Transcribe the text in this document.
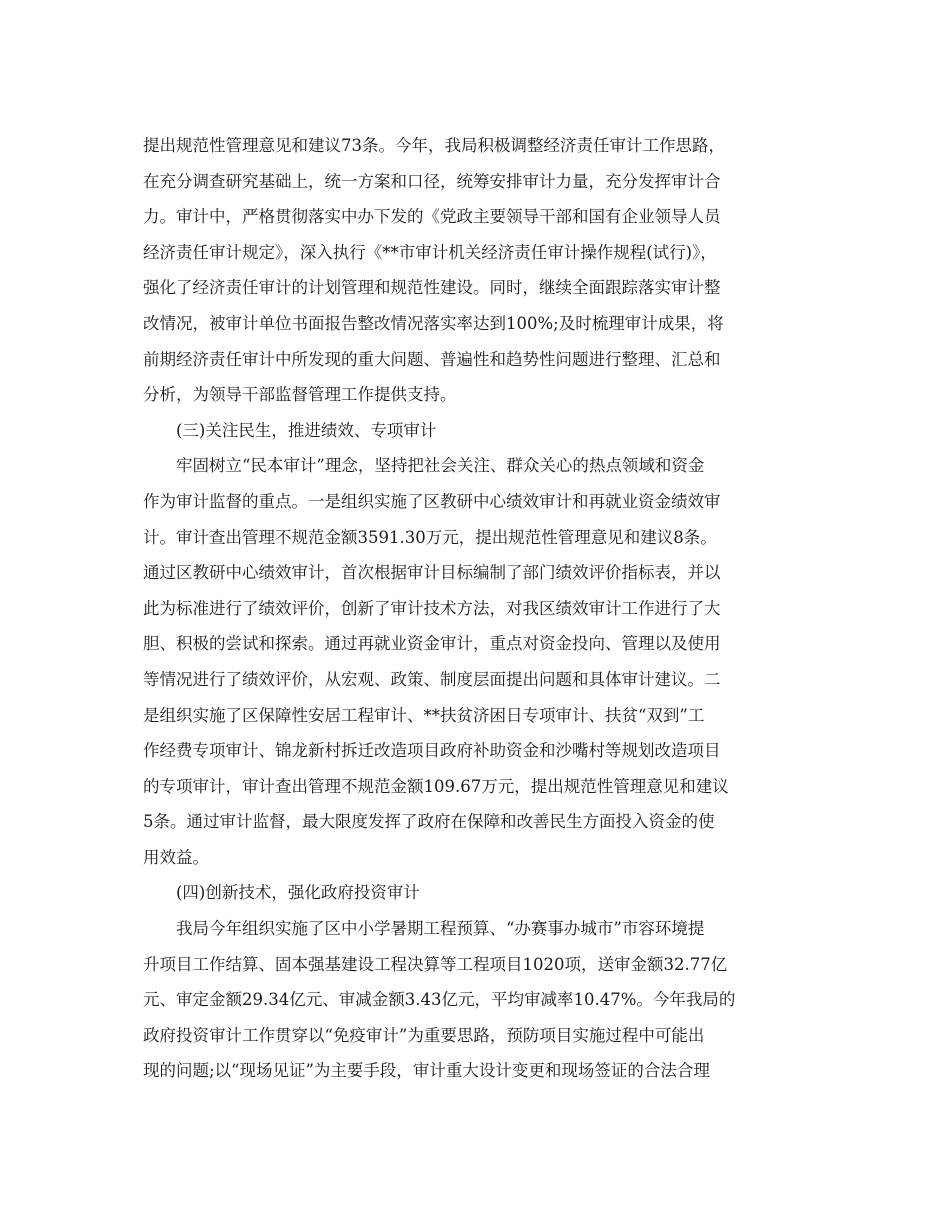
提出规范性管理意见和建议73条。今年，我局积极调整经济责任审计工作思路，
在充分调查研究基础上，统一方案和口径，统筹安排审计力量，充分发挥审计合
力。审计中，严格贯彻落实中办下发的《党政主要领导干部和国有企业领导人员
经济责任审计规定》，深入执行《**市审计机关经济责任审计操作规程(试行)》，
强化了经济责任审计的计划管理和规范性建设。同时，继续全面跟踪落实审计整
改情况，被审计单位书面报告整改情况落实率达到100%;及时梳理审计成果，将
前期经济责任审计中所发现的重大问题、普遍性和趋势性问题进行整理、汇总和
分析，为领导干部监督管理工作提供支持。
(三)关注民生，推进绩效、专项审计
牢固树立“民本审计”理念，坚持把社会关注、群众关心的热点领域和资金
作为审计监督的重点。一是组织实施了区教研中心绩效审计和再就业资金绩效审
计。审计查出管理不规范金额3591.30万元，提出规范性管理意见和建议8条。
通过区教研中心绩效审计，首次根据审计目标编制了部门绩效评价指标表，并以
此为标准进行了绩效评价，创新了审计技术方法，对我区绩效审计工作进行了大
胆、积极的尝试和探索。通过再就业资金审计，重点对资金投向、管理以及使用
等情况进行了绩效评价，从宏观、政策、制度层面提出问题和具体审计建议。二
是组织实施了区保障性安居工程审计、**扶贫济困日专项审计、扶贫“双到”工
作经费专项审计、锦龙新村拆迁改造项目政府补助资金和沙嘴村等规划改造项目
的专项审计，审计查出管理不规范金额109.67万元，提出规范性管理意见和建议
5条。通过审计监督，最大限度发挥了政府在保障和改善民生方面投入资金的使
用效益。
(四)创新技术，强化政府投资审计
我局今年组织实施了区中小学暑期工程预算、“办赛事办城市”市容环境提
升项目工作结算、固本强基建设工程决算等工程项目1020项，送审金额32.77亿
元、审定金额29.34亿元、审减金额3.43亿元，平均审减率10.47%。今年我局的
政府投资审计工作贯穿以“免疫审计”为重要思路，预防项目实施过程中可能出
现的问题;以“现场见证”为主要手段，审计重大设计变更和现场签证的合法合理
